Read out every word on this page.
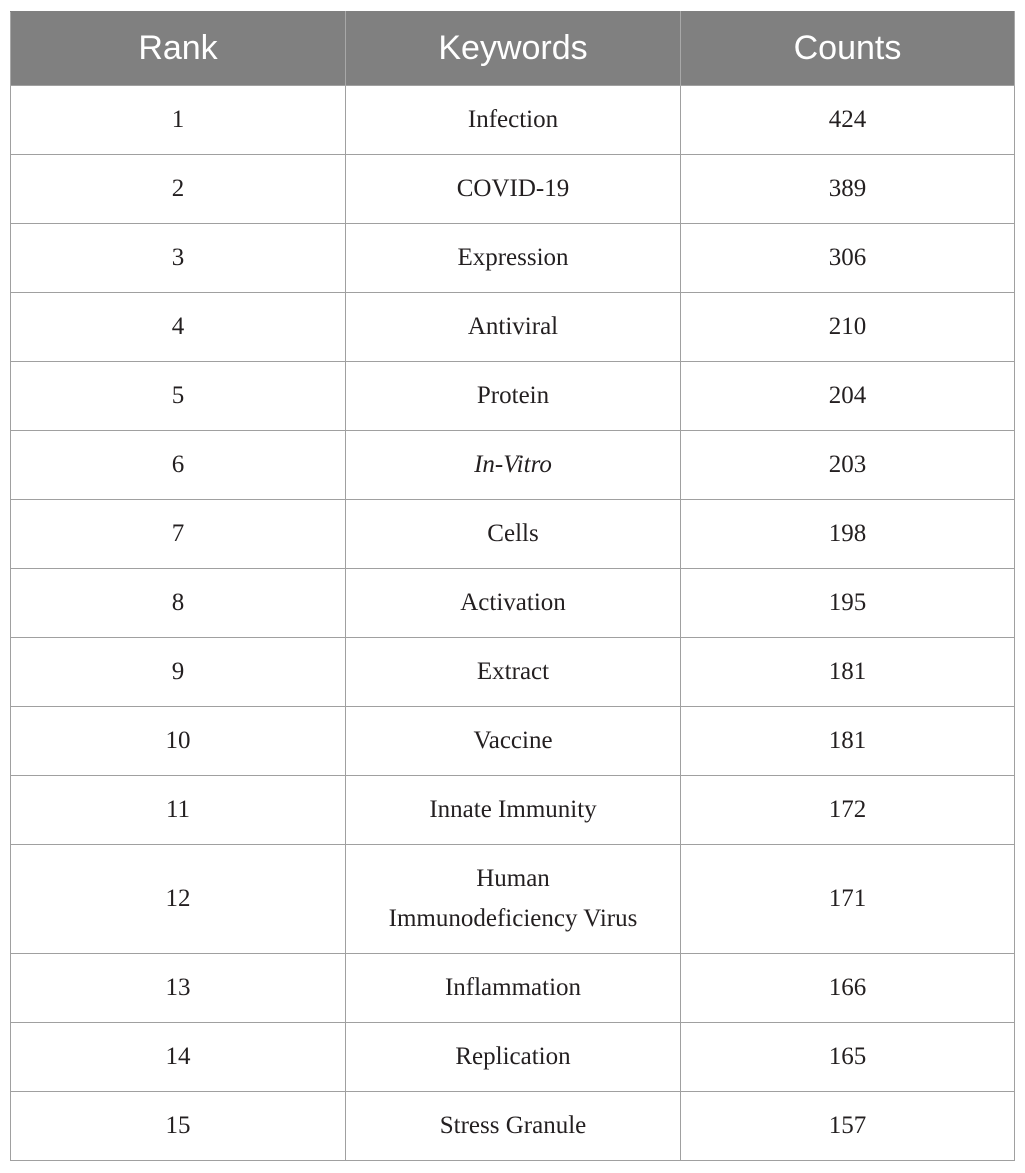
Rank	Keywords	Counts
1	Infection	424
2	COVID-19	389
3	Expression	306
4	Antiviral	210
5	Protein	204
6	In-Vitro	203
7	Cells	198
8	Activation	195
9	Extract	181
10	Vaccine	181
11	Innate Immunity	172
12	Human
Immunodeficiency Virus	171
13	Inflammation	166
14	Replication	165
15	Stress Granule	157
